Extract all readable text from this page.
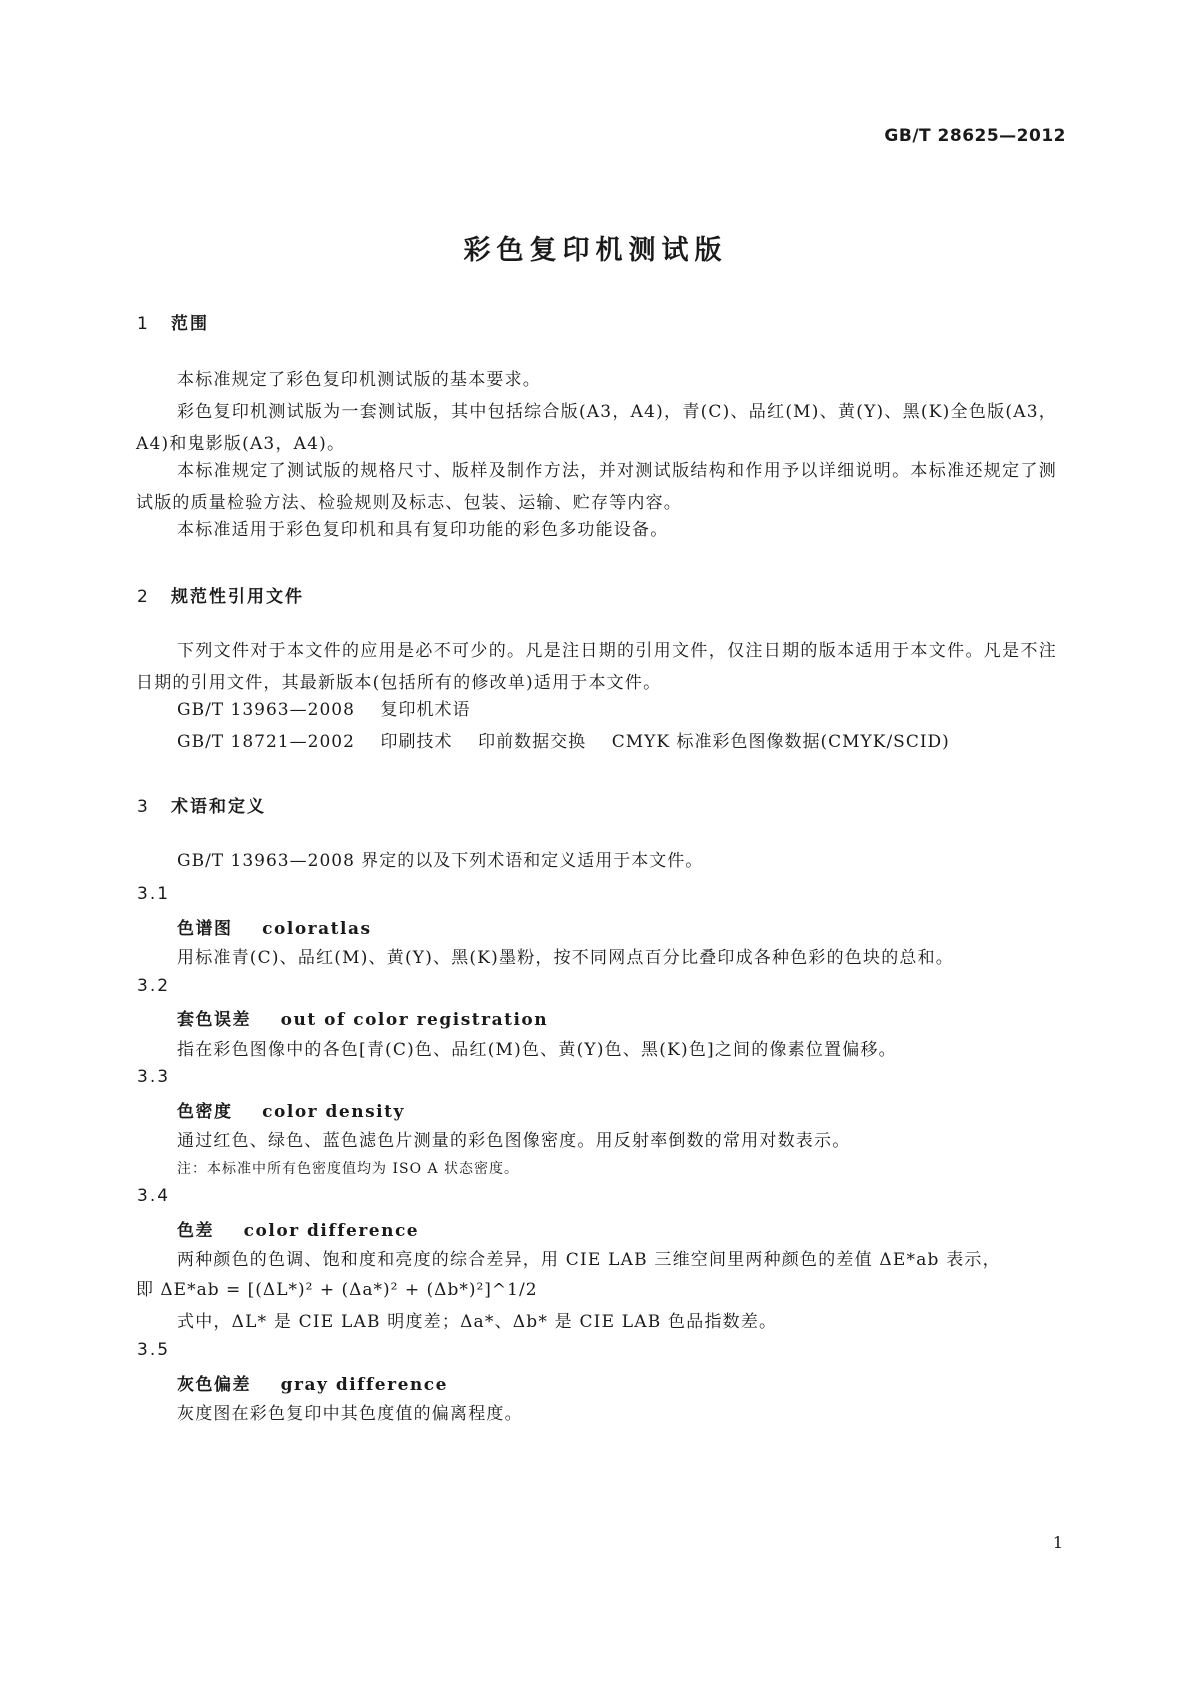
GB/T 28625—2012
彩色复印机测试版
1 范围
本标准规定了彩色复印机测试版的基本要求。
彩色复印机测试版为一套测试版，其中包括综合版(A3，A4)，青(C)、品红(M)、黄(Y)、黑(K)全色版(A3，A4)和鬼影版(A3，A4)。
本标准规定了测试版的规格尺寸、版样及制作方法，并对测试版结构和作用予以详细说明。本标准还规定了测试版的质量检验方法、检验规则及标志、包装、运输、贮存等内容。
本标准适用于彩色复印机和具有复印功能的彩色多功能设备。
2 规范性引用文件
下列文件对于本文件的应用是必不可少的。凡是注日期的引用文件，仅注日期的版本适用于本文件。凡是不注日期的引用文件，其最新版本(包括所有的修改单)适用于本文件。
GB/T 13963—2008    复印机术语
GB/T 18721—2002    印刷技术    印前数据交换    CMYK 标准彩色图像数据(CMYK/SCID)
3 术语和定义
GB/T 13963—2008 界定的以及下列术语和定义适用于本文件。
3.1
色谱图    coloratlas
用标准青(C)、品红(M)、黄(Y)、黑(K)墨粉，按不同网点百分比叠印成各种色彩的色块的总和。
3.2
套色误差    out of color registration
指在彩色图像中的各色[青(C)色、品红(M)色、黄(Y)色、黑(K)色]之间的像素位置偏移。
3.3
色密度    color density
通过红色、绿色、蓝色滤色片测量的彩色图像密度。用反射率倒数的常用对数表示。
注：本标准中所有色密度值均为 ISO A 状态密度。
3.4
色差    color difference
两种颜色的色调、饱和度和亮度的综合差异，用 CIE LAB 三维空间里两种颜色的差值 ΔE*ab 表示，
即 ΔE*ab = [(ΔL*)² + (Δa*)² + (Δb*)²]^1/2
式中，ΔL* 是 CIE LAB 明度差；Δa*、Δb* 是 CIE LAB 色品指数差。
3.5
灰色偏差    gray difference
灰度图在彩色复印中其色度值的偏离程度。
1
